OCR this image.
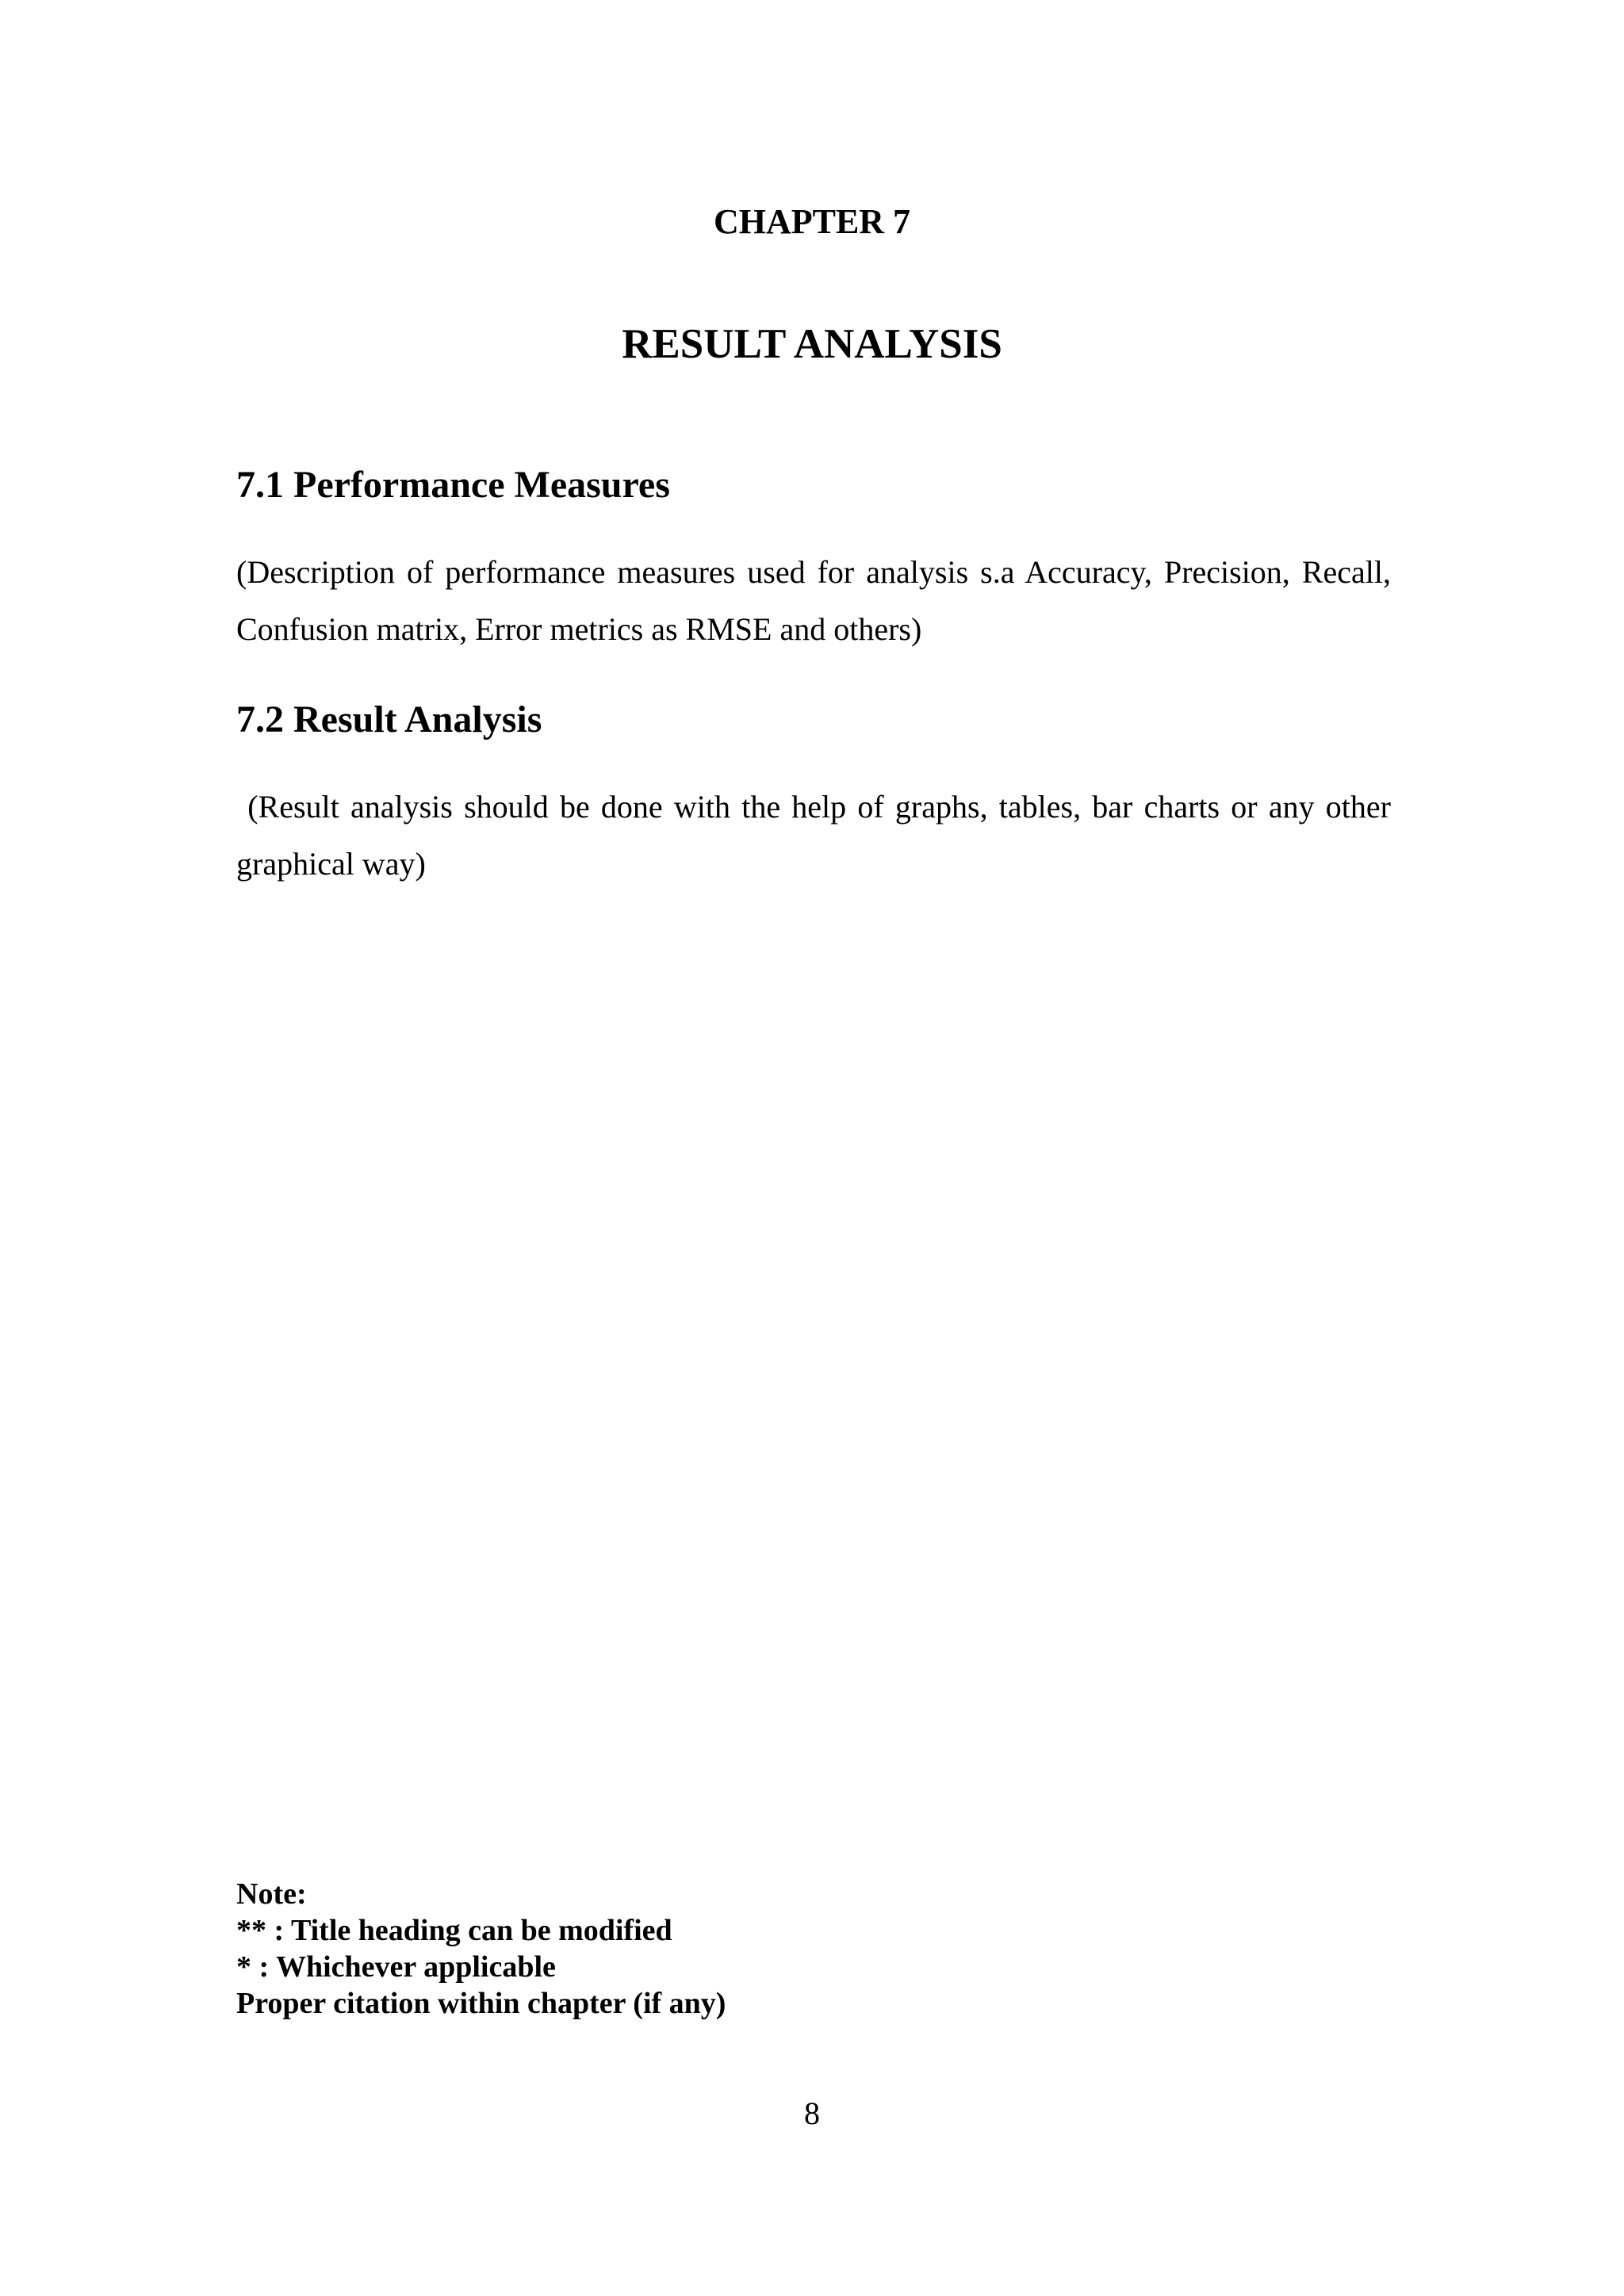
CHAPTER 7
RESULT ANALYSIS
7.1 Performance Measures

(Description of performance measures used for analysis s.a Accuracy, Precision, Recall, Confusion matrix, Error metrics as RMSE and others)

7.2 Result Analysis

(Result analysis should be done with the help of graphs, tables, bar charts or any other graphical way)

Note:
** : Title heading can be modified
* : Whichever applicable
Proper citation within chapter (if any)
8
